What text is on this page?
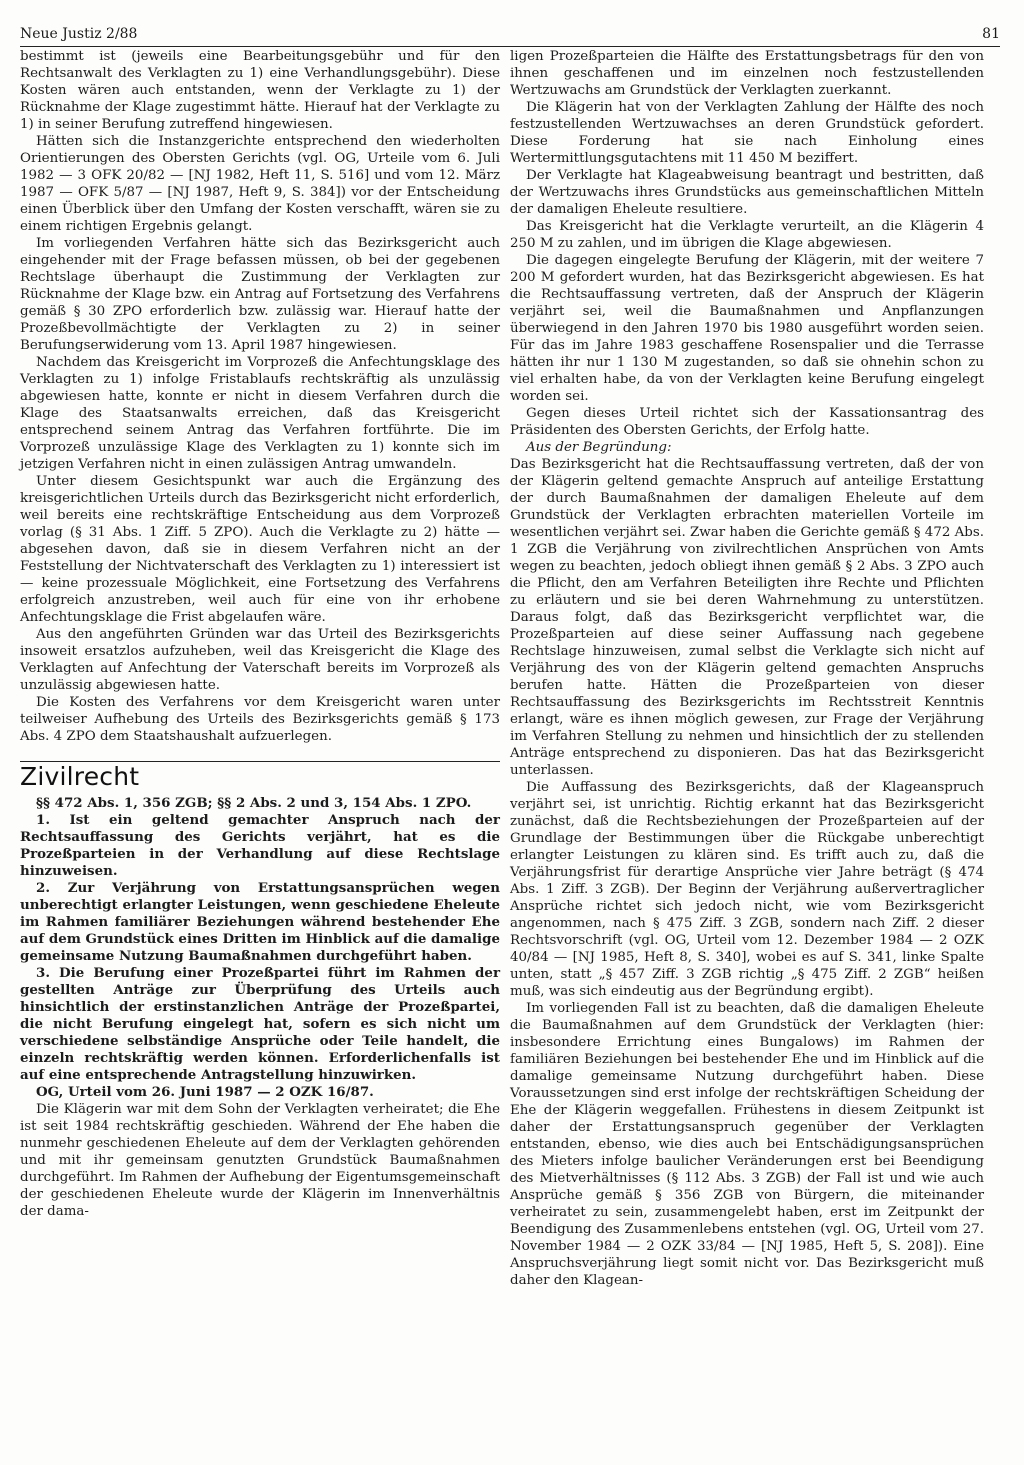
Neue Justiz 2/88	81

bestimmt ist (jeweils eine Bearbeitungsgebühr und für den Rechtsanwalt des Verklagten zu 1) eine Verhandlungsgebühr). Diese Kosten wären auch entstanden, wenn der Verklagte zu 1) der Rücknahme der Klage zugestimmt hätte. Hierauf hat der Verklagte zu 1) in seiner Berufung zutreffend hingewiesen.

Hätten sich die Instanzgerichte entsprechend den wiederholten Orientierungen des Obersten Gerichts (vgl. OG, Urteile vom 6. Juli 1982 — 3 OFK 20/82 — [NJ 1982, Heft 11, S. 516] und vom 12. März 1987 — OFK 5/87 — [NJ 1987, Heft 9, S. 384]) vor der Entscheidung einen Überblick über den Umfang der Kosten verschafft, wären sie zu einem richtigen Ergebnis gelangt.

Im vorliegenden Verfahren hätte sich das Bezirksgericht auch eingehender mit der Frage befassen müssen, ob bei der gegebenen Rechtslage überhaupt die Zustimmung der Verklagten zur Rücknahme der Klage bzw. ein Antrag auf Fortsetzung des Verfahrens gemäß § 30 ZPO erforderlich bzw. zulässig war. Hierauf hatte der Prozeßbevollmächtigte der Verklagten zu 2) in seiner Berufungserwiderung vom 13. April 1987 hingewiesen.

Nachdem das Kreisgericht im Vorprozeß die Anfechtungsklage des Verklagten zu 1) infolge Fristablaufs rechtskräftig als unzulässig abgewiesen hatte, konnte er nicht in diesem Verfahren durch die Klage des Staatsanwalts erreichen, daß das Kreisgericht entsprechend seinem Antrag das Verfahren fortführte. Die im Vorprozeß unzulässige Klage des Verklagten zu 1) konnte sich im jetzigen Verfahren nicht in einen zulässigen Antrag umwandeln.

Unter diesem Gesichtspunkt war auch die Ergänzung des kreisgerichtlichen Urteils durch das Bezirksgericht nicht erforderlich, weil bereits eine rechtskräftige Entscheidung aus dem Vorprozeß vorlag (§ 31 Abs. 1 Ziff. 5 ZPO). Auch die Verklagte zu 2) hätte — abgesehen davon, daß sie in diesem Verfahren nicht an der Feststellung der Nichtvaterschaft des Verklagten zu 1) interessiert ist — keine prozessuale Möglichkeit, eine Fortsetzung des Verfahrens erfolgreich anzustreben, weil auch für eine von ihr erhobene Anfechtungsklage die Frist abgelaufen wäre.

Aus den angeführten Gründen war das Urteil des Bezirksgerichts insoweit ersatzlos aufzuheben, weil das Kreisgericht die Klage des Verklagten auf Anfechtung der Vaterschaft bereits im Vorprozeß als unzulässig abgewiesen hatte.

Die Kosten des Verfahrens vor dem Kreisgericht waren unter teilweiser Aufhebung des Urteils des Bezirksgerichts gemäß § 173 Abs. 4 ZPO dem Staatshaushalt aufzuerlegen.

Zivilrecht

§§ 472 Abs. 1, 356 ZGB; §§ 2 Abs. 2 und 3, 154 Abs. 1 ZPO.

1. Ist ein geltend gemachter Anspruch nach der Rechtsauffassung des Gerichts verjährt, hat es die Prozeßparteien in der Verhandlung auf diese Rechtslage hinzuweisen.

2. Zur Verjährung von Erstattungsansprüchen wegen unberechtigt erlangter Leistungen, wenn geschiedene Eheleute im Rahmen familiärer Beziehungen während bestehender Ehe auf dem Grundstück eines Dritten im Hinblick auf die damalige gemeinsame Nutzung Baumaßnahmen durchgeführt haben.

3. Die Berufung einer Prozeßpartei führt im Rahmen der gestellten Anträge zur Überprüfung des Urteils auch hinsichtlich der erstinstanzlichen Anträge der Prozeßpartei, die nicht Berufung eingelegt hat, sofern es sich nicht um verschiedene selbständige Ansprüche oder Teile handelt, die einzeln rechtskräftig werden können. Erforderlichenfalls ist auf eine entsprechende Antragstellung hinzuwirken.

OG, Urteil vom 26. Juni 1987 — 2 OZK 16/87.

Die Klägerin war mit dem Sohn der Verklagten verheiratet; die Ehe ist seit 1984 rechtskräftig geschieden. Während der Ehe haben die nunmehr geschiedenen Eheleute auf dem der Verklagten gehörenden und mit ihr gemeinsam genutzten Grundstück Baumaßnahmen durchgeführt. Im Rahmen der Aufhebung der Eigentumsgemeinschaft der geschiedenen Eheleute wurde der Klägerin im Innenverhältnis der dama-

ligen Prozeßparteien die Hälfte des Erstattungsbetrags für den von ihnen geschaffenen und im einzelnen noch festzustellenden Wertzuwachs am Grundstück der Verklagten zuerkannt.

Die Klägerin hat von der Verklagten Zahlung der Hälfte des noch festzustellenden Wertzuwachses an deren Grundstück gefordert. Diese Forderung hat sie nach Einholung eines Wertermittlungsgutachtens mit 11 450 M beziffert.

Der Verklagte hat Klageabweisung beantragt und bestritten, daß der Wertzuwachs ihres Grundstücks aus gemeinschaftlichen Mitteln der damaligen Eheleute resultiere.

Das Kreisgericht hat die Verklagte verurteilt, an die Klägerin 4 250 M zu zahlen, und im übrigen die Klage abgewiesen.

Die dagegen eingelegte Berufung der Klägerin, mit der weitere 7 200 M gefordert wurden, hat das Bezirksgericht abgewiesen. Es hat die Rechtsauffassung vertreten, daß der Anspruch der Klägerin verjährt sei, weil die Baumaßnahmen und Anpflanzungen überwiegend in den Jahren 1970 bis 1980 ausgeführt worden seien. Für das im Jahre 1983 geschaffene Rosenspalier und die Terrasse hätten ihr nur 1 130 M zugestanden, so daß sie ohnehin schon zu viel erhalten habe, da von der Verklagten keine Berufung eingelegt worden sei.

Gegen dieses Urteil richtet sich der Kassationsantrag des Präsidenten des Obersten Gerichts, der Erfolg hatte.

Aus der Begründung:

Das Bezirksgericht hat die Rechtsauffassung vertreten, daß der von der Klägerin geltend gemachte Anspruch auf anteilige Erstattung der durch Baumaßnahmen der damaligen Eheleute auf dem Grundstück der Verklagten erbrachten materiellen Vorteile im wesentlichen verjährt sei. Zwar haben die Gerichte gemäß § 472 Abs. 1 ZGB die Verjährung von zivilrechtlichen Ansprüchen von Amts wegen zu beachten, jedoch obliegt ihnen gemäß § 2 Abs. 3 ZPO auch die Pflicht, den am Verfahren Beteiligten ihre Rechte und Pflichten zu erläutern und sie bei deren Wahrnehmung zu unterstützen. Daraus folgt, daß das Bezirksgericht verpflichtet war, die Prozeßparteien auf diese seiner Auffassung nach gegebene Rechtslage hinzuweisen, zumal selbst die Verklagte sich nicht auf Verjährung des von der Klägerin geltend gemachten Anspruchs berufen hatte. Hätten die Prozeßparteien von dieser Rechtsauffassung des Bezirksgerichts im Rechtsstreit Kenntnis erlangt, wäre es ihnen möglich gewesen, zur Frage der Verjährung im Verfahren Stellung zu nehmen und hinsichtlich der zu stellenden Anträge entsprechend zu disponieren. Das hat das Bezirksgericht unterlassen.

Die Auffassung des Bezirksgerichts, daß der Klageanspruch verjährt sei, ist unrichtig. Richtig erkannt hat das Bezirksgericht zunächst, daß die Rechtsbeziehungen der Prozeßparteien auf der Grundlage der Bestimmungen über die Rückgabe unberechtigt erlangter Leistungen zu klären sind. Es trifft auch zu, daß die Verjährungsfrist für derartige Ansprüche vier Jahre beträgt (§ 474 Abs. 1 Ziff. 3 ZGB). Der Beginn der Verjährung außervertraglicher Ansprüche richtet sich jedoch nicht, wie vom Bezirksgericht angenommen, nach § 475 Ziff. 3 ZGB, sondern nach Ziff. 2 dieser Rechtsvorschrift (vgl. OG, Urteil vom 12. Dezember 1984 — 2 OZK 40/84 — [NJ 1985, Heft 8, S. 340], wobei es auf S. 341, linke Spalte unten, statt „§ 457 Ziff. 3 ZGB richtig „§ 475 Ziff. 2 ZGB“ heißen muß, was sich eindeutig aus der Begründung ergibt).

Im vorliegenden Fall ist zu beachten, daß die damaligen Eheleute die Baumaßnahmen auf dem Grundstück der Verklagten (hier: insbesondere Errichtung eines Bungalows) im Rahmen der familiären Beziehungen bei bestehender Ehe und im Hinblick auf die damalige gemeinsame Nutzung durchgeführt haben. Diese Voraussetzungen sind erst infolge der rechtskräftigen Scheidung der Ehe der Klägerin weggefallen. Frühestens in diesem Zeitpunkt ist daher der Erstattungsanspruch gegenüber der Verklagten entstanden, ebenso, wie dies auch bei Entschädigungsansprüchen des Mieters infolge baulicher Veränderungen erst bei Beendigung des Mietverhältnisses (§ 112 Abs. 3 ZGB) der Fall ist und wie auch Ansprüche gemäß § 356 ZGB von Bürgern, die miteinander verheiratet zu sein, zusammengelebt haben, erst im Zeitpunkt der Beendigung des Zusammenlebens entstehen (vgl. OG, Urteil vom 27. November 1984 — 2 OZK 33/84 — [NJ 1985, Heft 5, S. 208]). Eine Anspruchsverjährung liegt somit nicht vor. Das Bezirksgericht muß daher den Klagean-
